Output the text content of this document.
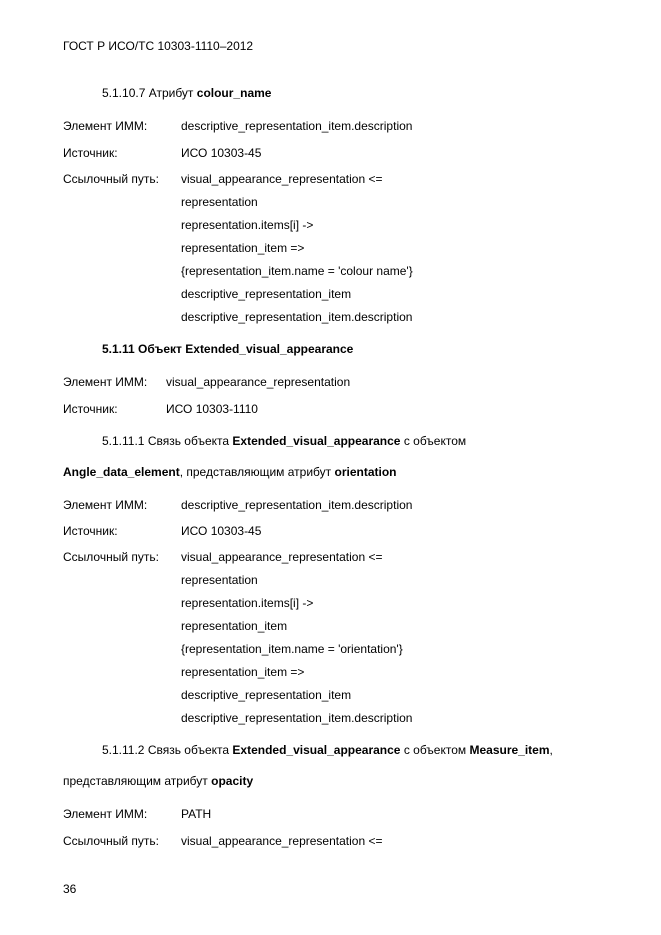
ГОСТ Р ИСО/ТС 10303-1110–2012
5.1.10.7 Атрибут colour_name
Элемент ИММ:	descriptive_representation_item.description
Источник:	ИСО 10303-45
Ссылочный путь: visual_appearance_representation <=
representation
representation.items[i] ->
representation_item =>
{representation_item.name = 'colour name'}
descriptive_representation_item
descriptive_representation_item.description
5.1.11 Объект Extended_visual_appearance
Элемент ИММ: visual_appearance_representation
Источник:	ИСО 10303-1110
5.1.11.1 Связь объекта Extended_visual_appearance с объектом
Angle_data_element, представляющим атрибут orientation
Элемент ИММ:	descriptive_representation_item.description
Источник:	ИСО 10303-45
Ссылочный путь: visual_appearance_representation <=
representation
representation.items[i] ->
representation_item
{representation_item.name = 'orientation'}
representation_item =>
descriptive_representation_item
descriptive_representation_item.description
5.1.11.2 Связь объекта Extended_visual_appearance с объектом Measure_item,
представляющим атрибут opacity
Элемент ИММ:	PATH
Ссылочный путь: visual_appearance_representation <=
36
